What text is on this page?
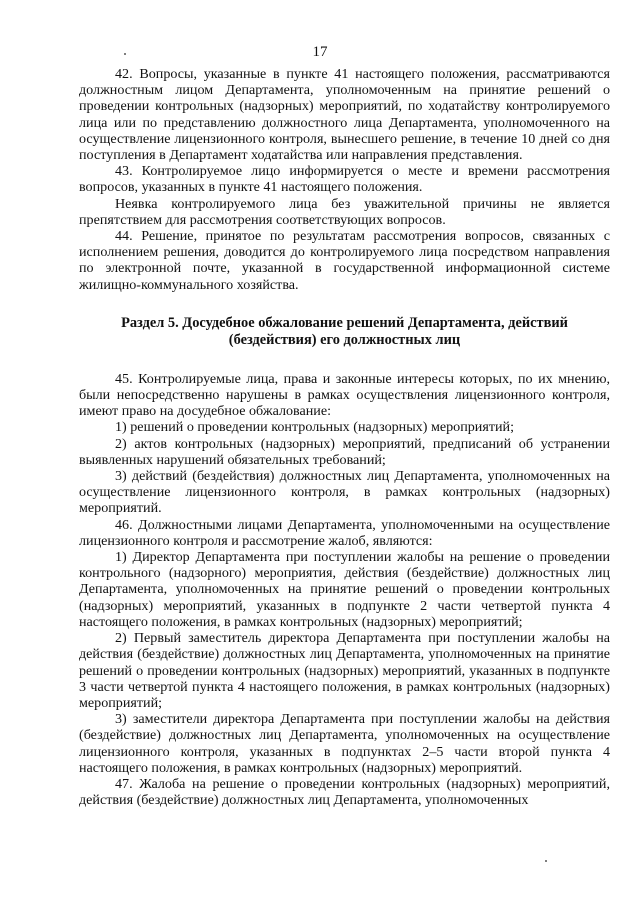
17

42. Вопросы, указанные в пункте 41 настоящего положения, рассматриваются должностным лицом Департамента, уполномоченным на принятие решений о проведении контрольных (надзорных) мероприятий, по ходатайству контролируемого лица или по представлению должностного лица Департамента, уполномоченного на осуществление лицензионного контроля, вынесшего решение, в течение 10 дней со дня поступления в Департамент ходатайства или направления представления.

43. Контролируемое лицо информируется о месте и времени рассмотрения вопросов, указанных в пункте 41 настоящего положения.

Неявка контролируемого лица без уважительной причины не является препятствием для рассмотрения соответствующих вопросов.

44. Решение, принятое по результатам рассмотрения вопросов, связанных с исполнением решения, доводится до контролируемого лица посредством направления по электронной почте, указанной в государственной информационной системе жилищно-коммунального хозяйства.

Раздел 5. Досудебное обжалование решений Департамента, действий (бездействия) его должностных лиц

45. Контролируемые лица, права и законные интересы которых, по их мнению, были непосредственно нарушены в рамках осуществления лицензионного контроля, имеют право на досудебное обжалование:

1) решений о проведении контрольных (надзорных) мероприятий;

2) актов контрольных (надзорных) мероприятий, предписаний об устранении выявленных нарушений обязательных требований;

3) действий (бездействия) должностных лиц Департамента, уполномоченных на осуществление лицензионного контроля, в рамках контрольных (надзорных) мероприятий.

46. Должностными лицами Департамента, уполномоченными на осуществление лицензионного контроля и рассмотрение жалоб, являются:

1) Директор Департамента при поступлении жалобы на решение о проведении контрольного (надзорного) мероприятия, действия (бездействие) должностных лиц Департамента, уполномоченных на принятие решений о проведении контрольных (надзорных) мероприятий, указанных в подпункте 2 части четвертой пункта 4 настоящего положения, в рамках контрольных (надзорных) мероприятий;

2) Первый заместитель директора Департамента при поступлении жалобы на действия (бездействие) должностных лиц Департамента, уполномоченных на принятие решений о проведении контрольных (надзорных) мероприятий, указанных в подпункте 3 части четвертой пункта 4 настоящего положения, в рамках контрольных (надзорных) мероприятий;

3) заместители директора Департамента при поступлении жалобы на действия (бездействие) должностных лиц Департамента, уполномоченных на осуществление лицензионного контроля, указанных в подпунктах 2–5 части второй пункта 4 настоящего положения, в рамках контрольных (надзорных) мероприятий.

47. Жалоба на решение о проведении контрольных (надзорных) мероприятий, действия (бездействие) должностных лиц Департамента, уполномоченных
